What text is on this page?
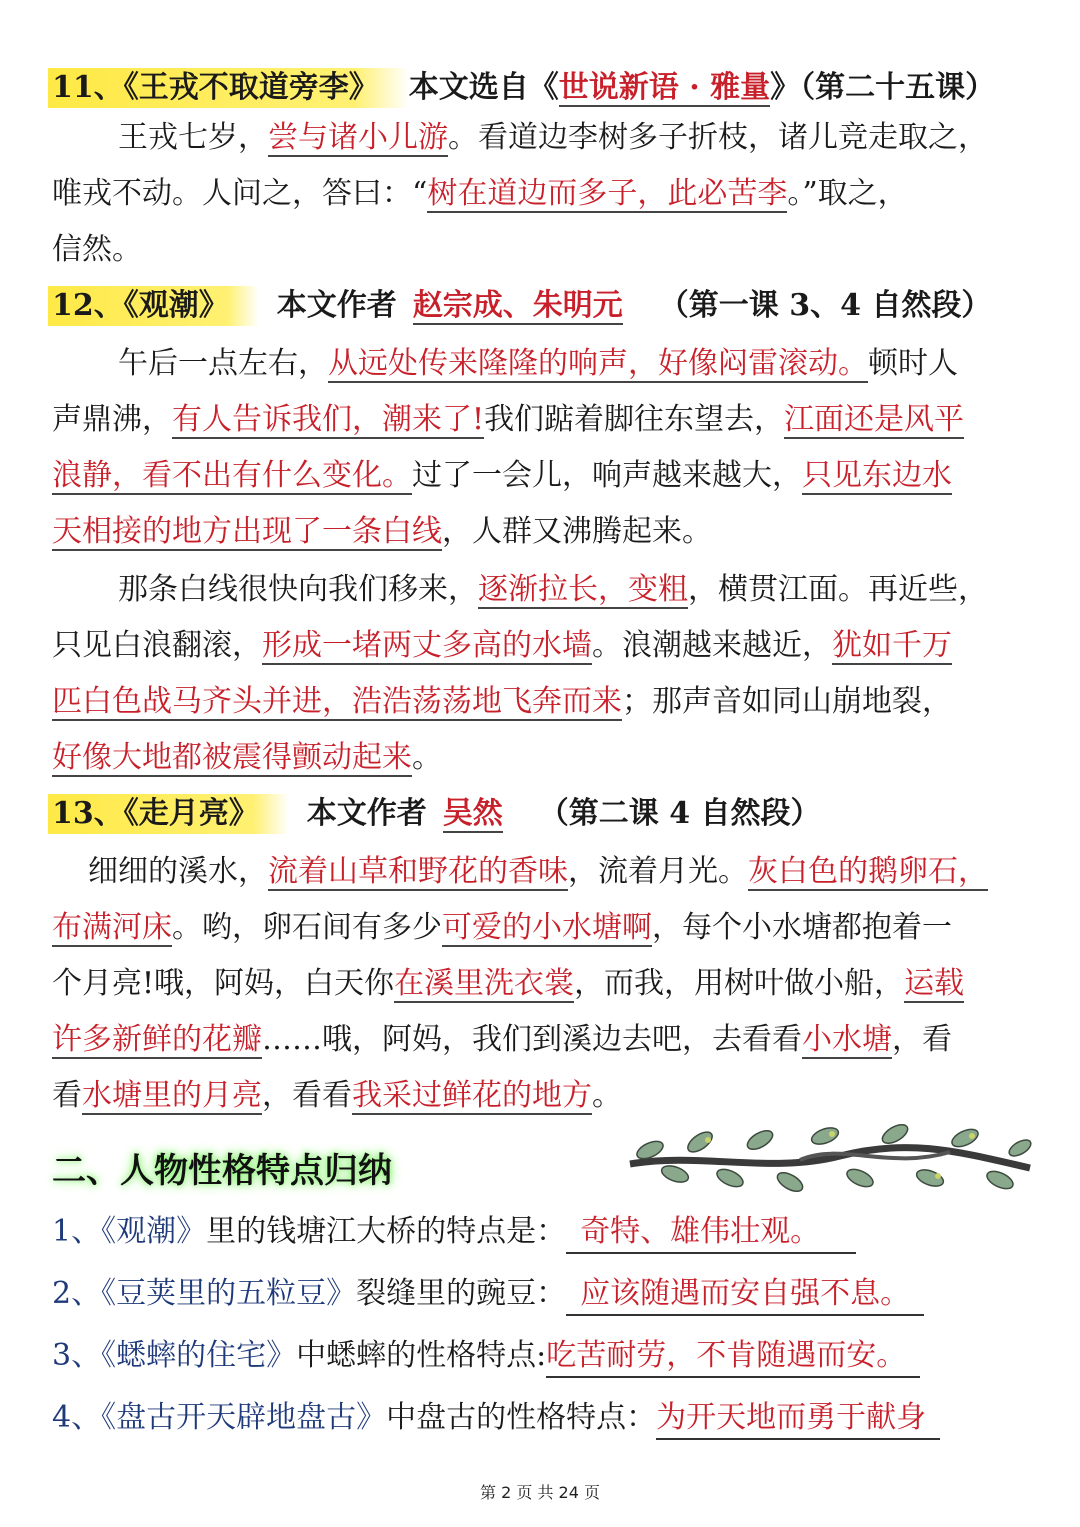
11、《王戎不取道旁李》 本文选自《世说新语 · 雅量》（第二十五课）
王戎七岁，尝与诸小儿游。看道边李树多子折枝，诸儿竞走取之，
唯戎不动。人问之，答曰：“树在道边而多子，此必苦李。”取之，
信然。
12、《观潮》 本文作者 赵宗成、朱明元 （第一课 3、4 自然段）
午后一点左右，从远处传来隆隆的响声，好像闷雷滚动。顿时人
声鼎沸，有人告诉我们，潮来了!我们踮着脚往东望去，江面还是风平
浪静，看不出有什么变化。过了一会儿，响声越来越大，只见东边水
天相接的地方出现了一条白线，人群又沸腾起来。
那条白线很快向我们移来，逐渐拉长，变粗，横贯江面。再近些，
只见白浪翻滚，形成一堵两丈多高的水墙。浪潮越来越近，犹如千万
匹白色战马齐头并进，浩浩荡荡地飞奔而来；那声音如同山崩地裂，
好像大地都被震得颤动起来。
13、《走月亮》 本文作者 吴然 （第二课 4 自然段）
细细的溪水，流着山草和野花的香味，流着月光。灰白色的鹅卵石，
布满河床。哟，卵石间有多少可爱的小水塘啊，每个小水塘都抱着一
个月亮!哦，阿妈，白天你在溪里洗衣裳，而我，用树叶做小船，运载
许多新鲜的花瓣……哦，阿妈，我们到溪边去吧，去看看小水塘，看
看水塘里的月亮，看看我采过鲜花的地方。
二、人物性格特点归纳
1、《观潮》里的钱塘江大桥的特点是： 奇特、雄伟壮观。
2、《豆荚里的五粒豆》裂缝里的豌豆： 应该随遇而安自强不息。
3、《蟋蟀的住宅》中蟋蟀的性格特点:吃苦耐劳，不肯随遇而安。
4、《盘古开天辟地盘古》中盘古的性格特点：为开天地而勇于献身
第 2 页 共 24 页
